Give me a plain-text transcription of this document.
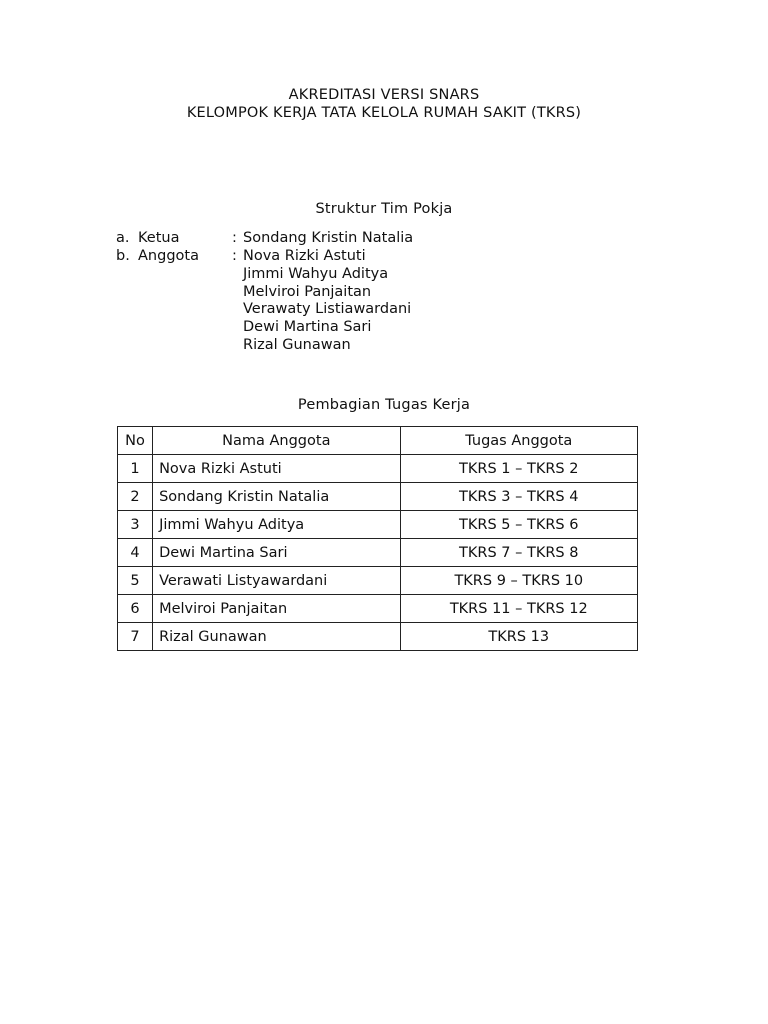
AKREDITASI VERSI SNARS
KELOMPOK KERJA TATA KELOLA RUMAH SAKIT (TKRS)
Struktur Tim Pokja
a. Ketua	: Sondang Kristin Natalia
b. Anggota : Nova Rizki Astuti
Jimmi Wahyu Aditya
Melviroi Panjaitan
Verawaty Listiawardani
Dewi Martina Sari
Rizal Gunawan
Pembagian Tugas Kerja
No	Nama Anggota	Tugas Anggota
1	Nova Rizki Astuti	TKRS 1 – TKRS 2
2	Sondang Kristin Natalia	TKRS 3 – TKRS 4
3	Jimmi Wahyu Aditya	TKRS 5 – TKRS 6
4	Dewi Martina Sari	TKRS 7 – TKRS 8
5	Verawati Listyawardani	TKRS 9 – TKRS 10
6	Melviroi Panjaitan	TKRS 11 – TKRS 12
7	Rizal Gunawan	TKRS 13
